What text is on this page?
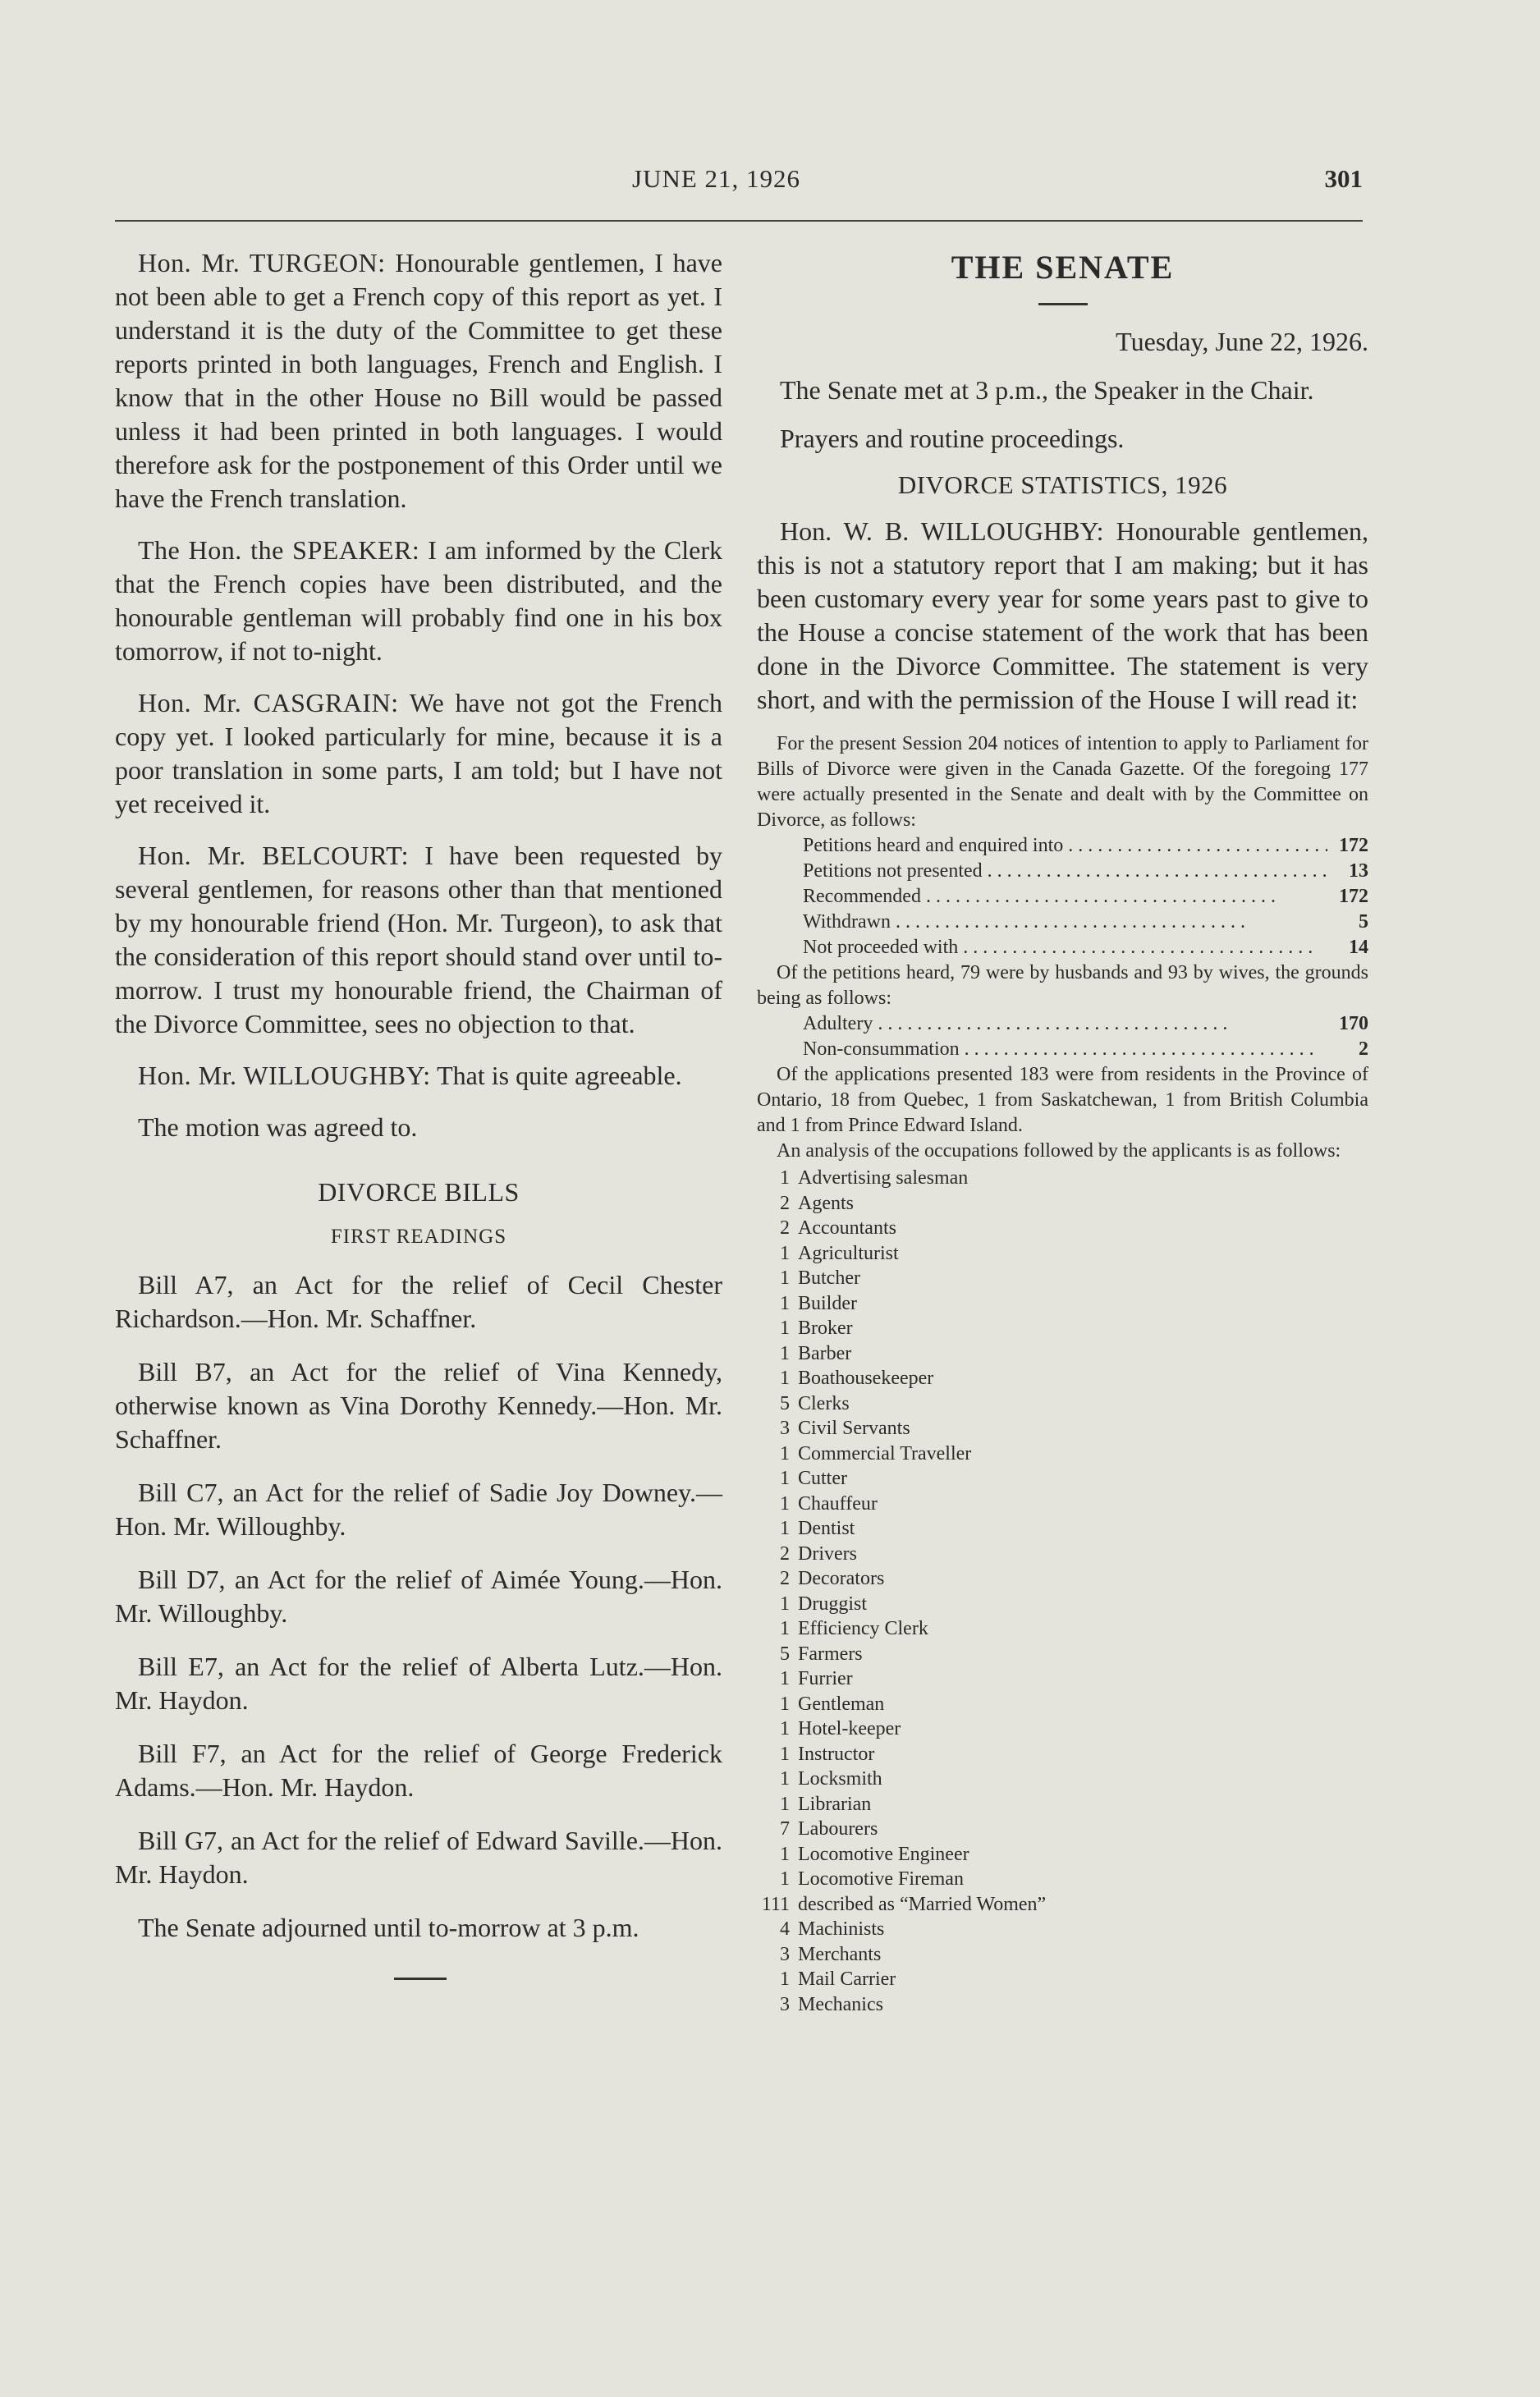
JUNE 21, 1926	301

Hon. Mr. TURGEON: Honourable gentlemen, I have not been able to get a French copy of this report as yet. I understand it is the duty of the Committee to get these reports printed in both languages, French and English. I know that in the other House no Bill would be passed unless it had been printed in both languages. I would therefore ask for the postponement of this Order until we have the French translation.

The Hon. the SPEAKER: I am informed by the Clerk that the French copies have been distributed, and the honourable gentleman will probably find one in his box tomorrow, if not to-night.

Hon. Mr. CASGRAIN: We have not got the French copy yet. I looked particularly for mine, because it is a poor translation in some parts, I am told; but I have not yet received it.

Hon. Mr. BELCOURT: I have been requested by several gentlemen, for reasons other than that mentioned by my honourable friend (Hon. Mr. Turgeon), to ask that the consideration of this report should stand over until to-morrow. I trust my honourable friend, the Chairman of the Divorce Committee, sees no objection to that.

Hon. Mr. WILLOUGHBY: That is quite agreeable.

The motion was agreed to.

DIVORCE BILLS
FIRST READINGS

Bill A7, an Act for the relief of Cecil Chester Richardson.—Hon. Mr. Schaffner.

Bill B7, an Act for the relief of Vina Kennedy, otherwise known as Vina Dorothy Kennedy.—Hon. Mr. Schaffner.

Bill C7, an Act for the relief of Sadie Joy Downey.—Hon. Mr. Willoughby.

Bill D7, an Act for the relief of Aimée Young.—Hon. Mr. Willoughby.

Bill E7, an Act for the relief of Alberta Lutz.—Hon. Mr. Haydon.

Bill F7, an Act for the relief of George Frederick Adams.—Hon. Mr. Haydon.

Bill G7, an Act for the relief of Edward Saville.—Hon. Mr. Haydon.

The Senate adjourned until to-morrow at 3 p.m.

THE SENATE
Tuesday, June 22, 1926.

The Senate met at 3 p.m., the Speaker in the Chair.

Prayers and routine proceedings.

DIVORCE STATISTICS, 1926

Hon. W. B. WILLOUGHBY: Honourable gentlemen, this is not a statutory report that I am making; but it has been customary every year for some years past to give to the House a concise statement of the work that has been done in the Divorce Committee. The statement is very short, and with the permission of the House I will read it:

For the present Session 204 notices of intention to apply to Parliament for Bills of Divorce were given in the Canada Gazette. Of the foregoing 177 were actually presented in the Senate and dealt with by the Committee on Divorce, as follows:

Petitions heard and enquired into . . .	172
Petitions not presented . . .	13
Recommended . . .	172
Withdrawn . . .	5
Not proceeded with . . .	14

Of the petitions heard, 79 were by husbands and 93 by wives, the grounds being as follows:

Adultery . . .	170
Non-consummation . . .	2

Of the applications presented 183 were from residents in the Province of Ontario, 18 from Quebec, 1 from Saskatchewan, 1 from British Columbia and 1 from Prince Edward Island.

An analysis of the occupations followed by the applicants is as follows:

1 Advertising salesman
2 Agents
2 Accountants
1 Agriculturist
1 Butcher
1 Builder
1 Broker
1 Barber
1 Boathousekeeper
5 Clerks
3 Civil Servants
1 Commercial Traveller
1 Cutter
1 Chauffeur
1 Dentist
2 Drivers
2 Decorators
1 Druggist
1 Efficiency Clerk
5 Farmers
1 Furrier
1 Gentleman
1 Hotel-keeper
1 Instructor
1 Locksmith
1 Librarian
7 Labourers
1 Locomotive Engineer
1 Locomotive Fireman
111 described as “Married Women”
4 Machinists
3 Merchants
1 Mail Carrier
3 Mechanics
